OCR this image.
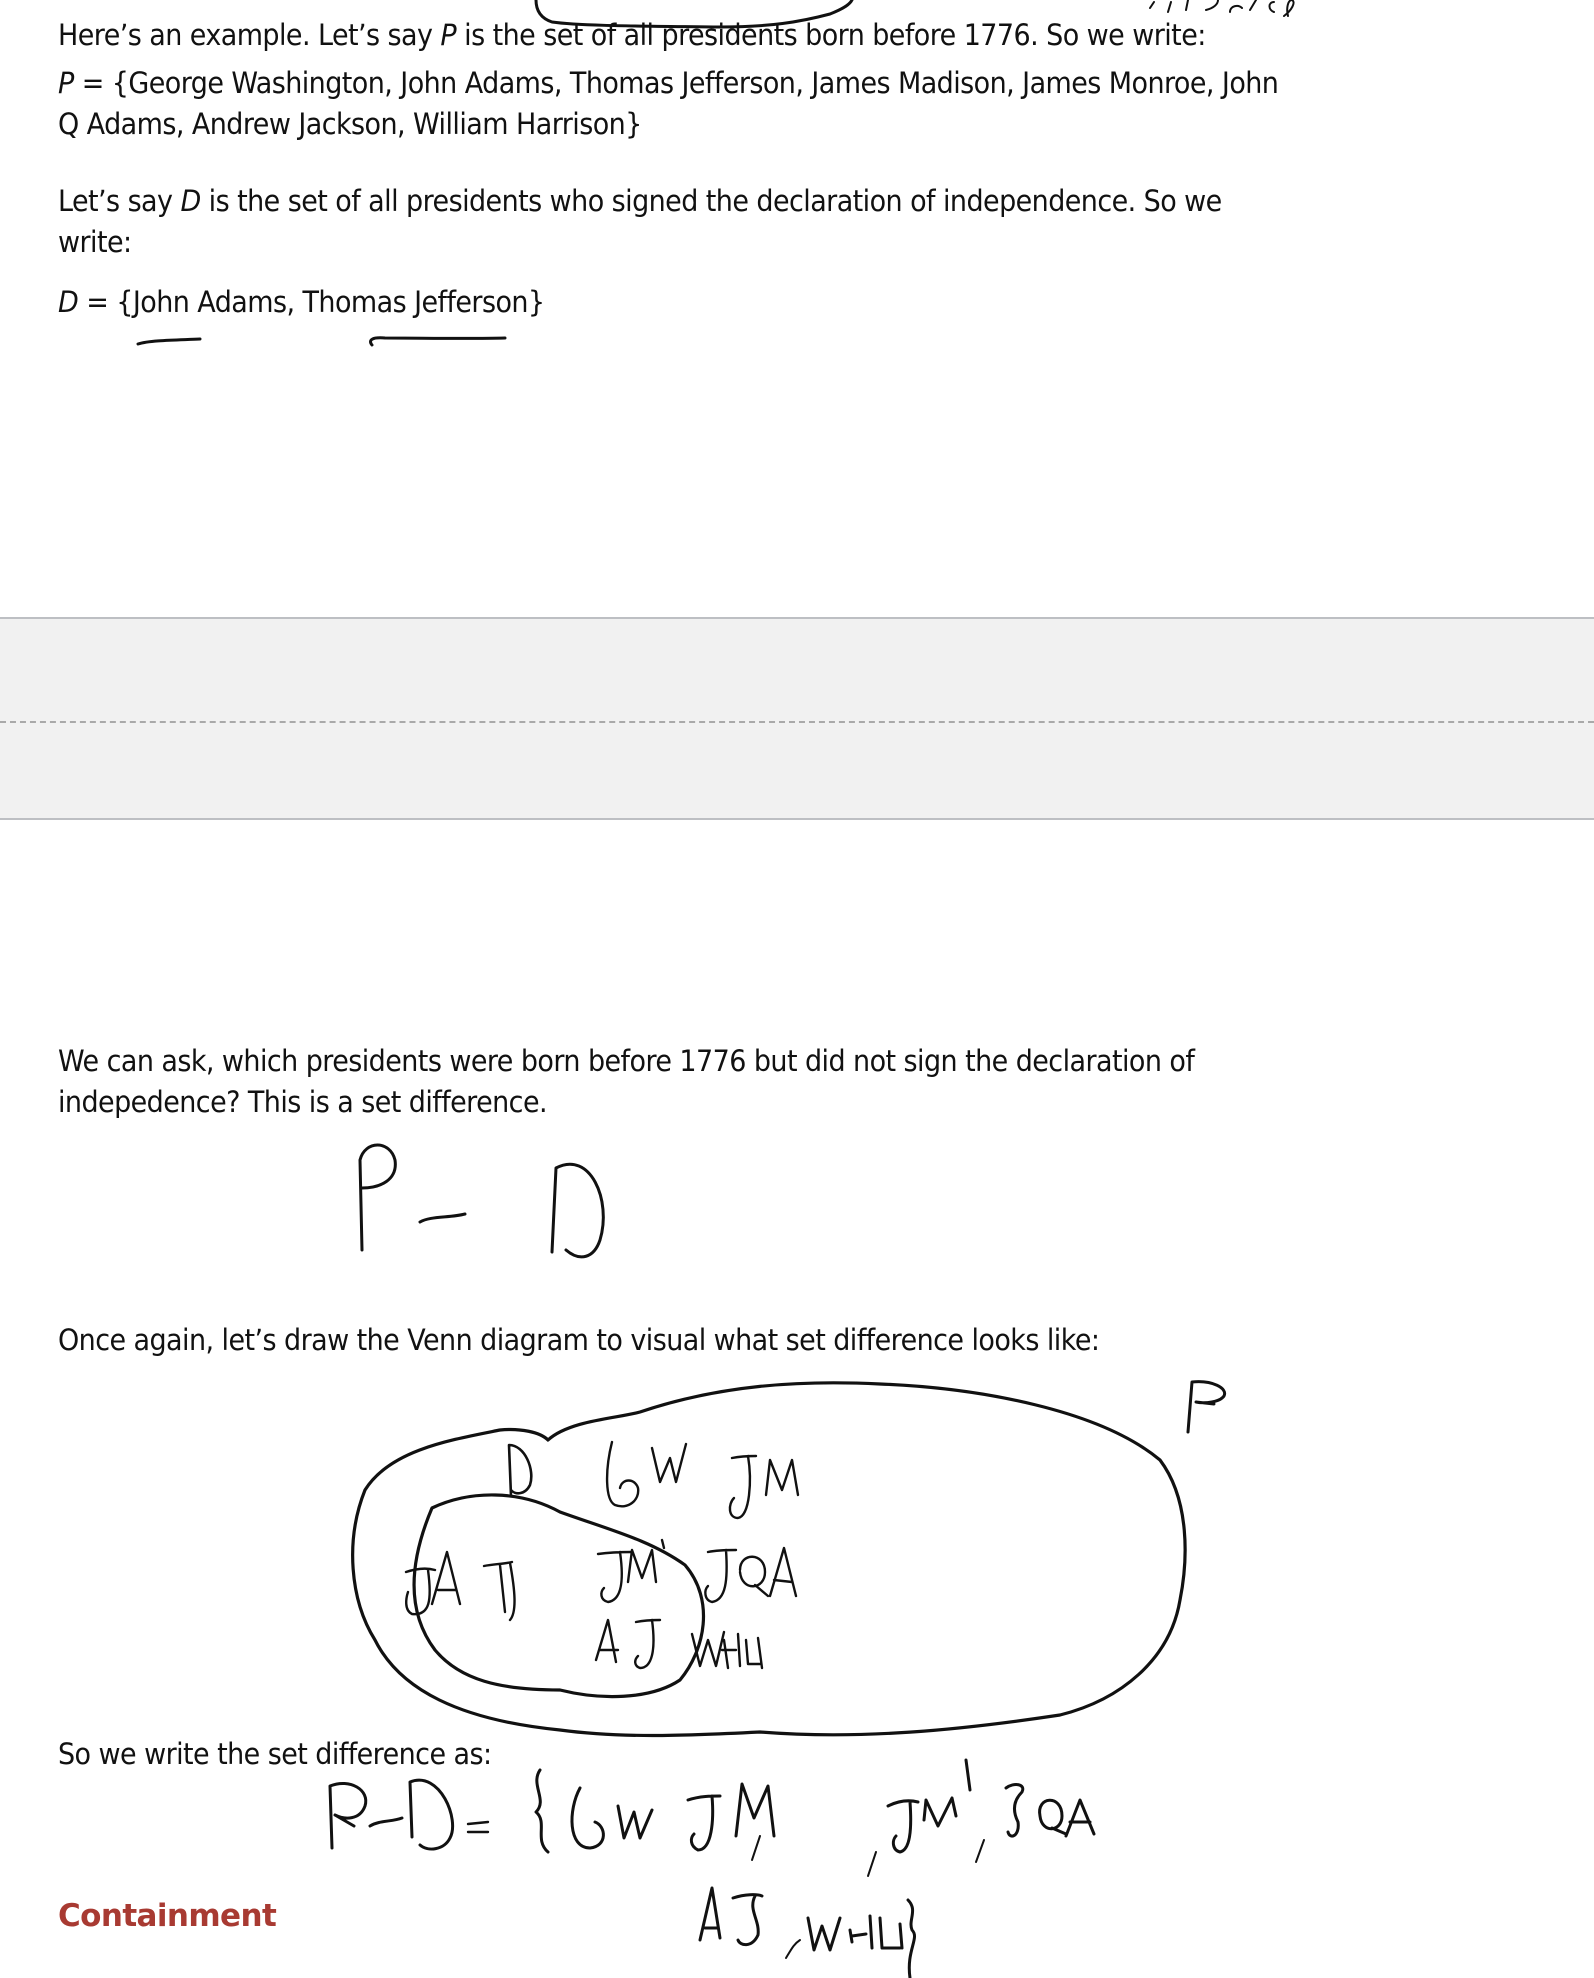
Here’s an example. Let’s say P is the set of all presidents born before 1776. So we write:
P = {George Washington, John Adams, Thomas Jefferson, James Madison, James Monroe, John
Q Adams, Andrew Jackson, William Harrison}
Let’s say D is the set of all presidents who signed the declaration of independence. So we
write:
D = {John Adams, Thomas Jefferson}
We can ask, which presidents were born before 1776 but did not sign the declaration of
indepedence? This is a set difference.
Once again, let’s draw the Venn diagram to visual what set difference looks like:
So we write the set difference as:
Containment
